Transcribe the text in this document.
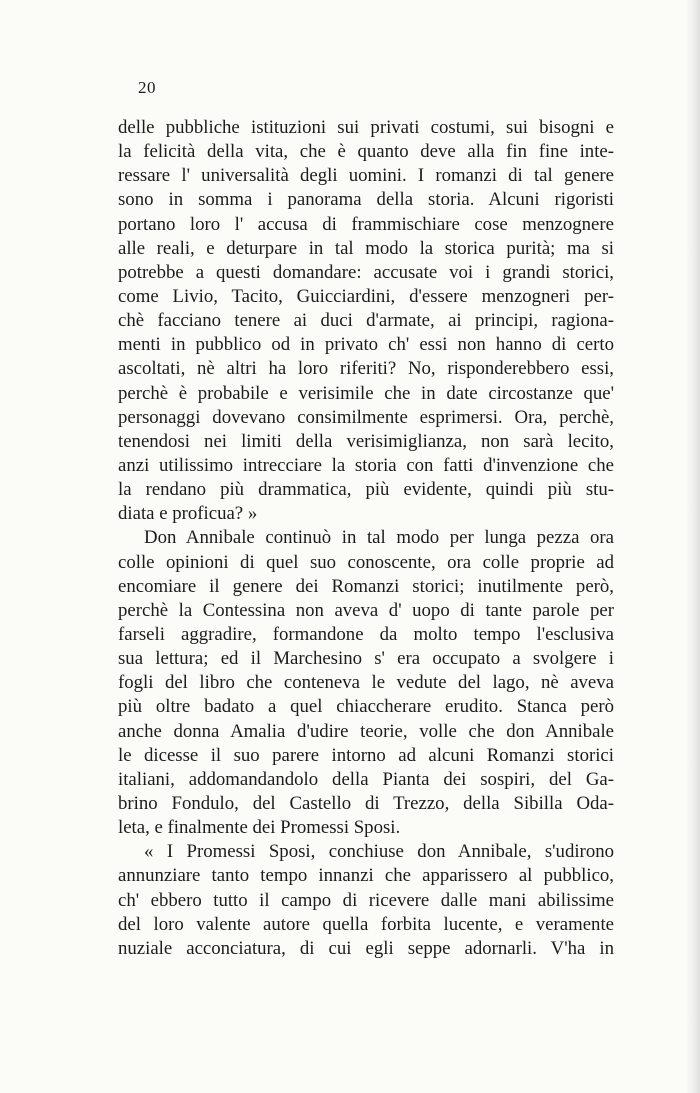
20
delle pubbliche istituzioni sui privati costumi, sui bisogni e
la felicità della vita, che è quanto deve alla fin fine inte-
ressare l' universalità degli uomini. I romanzi di tal genere
sono in somma i panorama della storia. Alcuni rigoristi
portano loro l' accusa di frammischiare cose menzognere
alle reali, e deturpare in tal modo la storica purità; ma si
potrebbe a questi domandare: accusate voi i grandi storici,
come Livio, Tacito, Guicciardini, d'essere menzogneri per-
chè facciano tenere ai duci d'armate, ai principi, ragiona-
menti in pubblico od in privato ch' essi non hanno di certo
ascoltati, nè altri ha loro riferiti? No, risponderebbero essi,
perchè è probabile e verisimile che in date circostanze que'
personaggi dovevano consimilmente esprimersi. Ora, perchè,
tenendosi nei limiti della verisimiglianza, non sarà lecito,
anzi utilissimo intrecciare la storia con fatti d'invenzione che
la rendano più drammatica, più evidente, quindi più stu-
diata e proficua? »
Don Annibale continuò in tal modo per lunga pezza ora
colle opinioni di quel suo conoscente, ora colle proprie ad
encomiare il genere dei Romanzi storici; inutilmente però,
perchè la Contessina non aveva d' uopo di tante parole per
farseli aggradire, formandone da molto tempo l'esclusiva
sua lettura; ed il Marchesino s' era occupato a svolgere i
fogli del libro che conteneva le vedute del lago, nè aveva
più oltre badato a quel chiaccherare erudito. Stanca però
anche donna Amalia d'udire teorie, volle che don Annibale
le dicesse il suo parere intorno ad alcuni Romanzi storici
italiani, addomandandolo della Pianta dei sospiri, del Ga-
brino Fondulo, del Castello di Trezzo, della Sibilla Oda-
leta, e finalmente dei Promessi Sposi.
« I Promessi Sposi, conchiuse don Annibale, s'udirono
annunziare tanto tempo innanzi che apparissero al pubblico,
ch' ebbero tutto il campo di ricevere dalle mani abilissime
del loro valente autore quella forbita lucente, e veramente
nuziale acconciatura, di cui egli seppe adornarli. V'ha in
